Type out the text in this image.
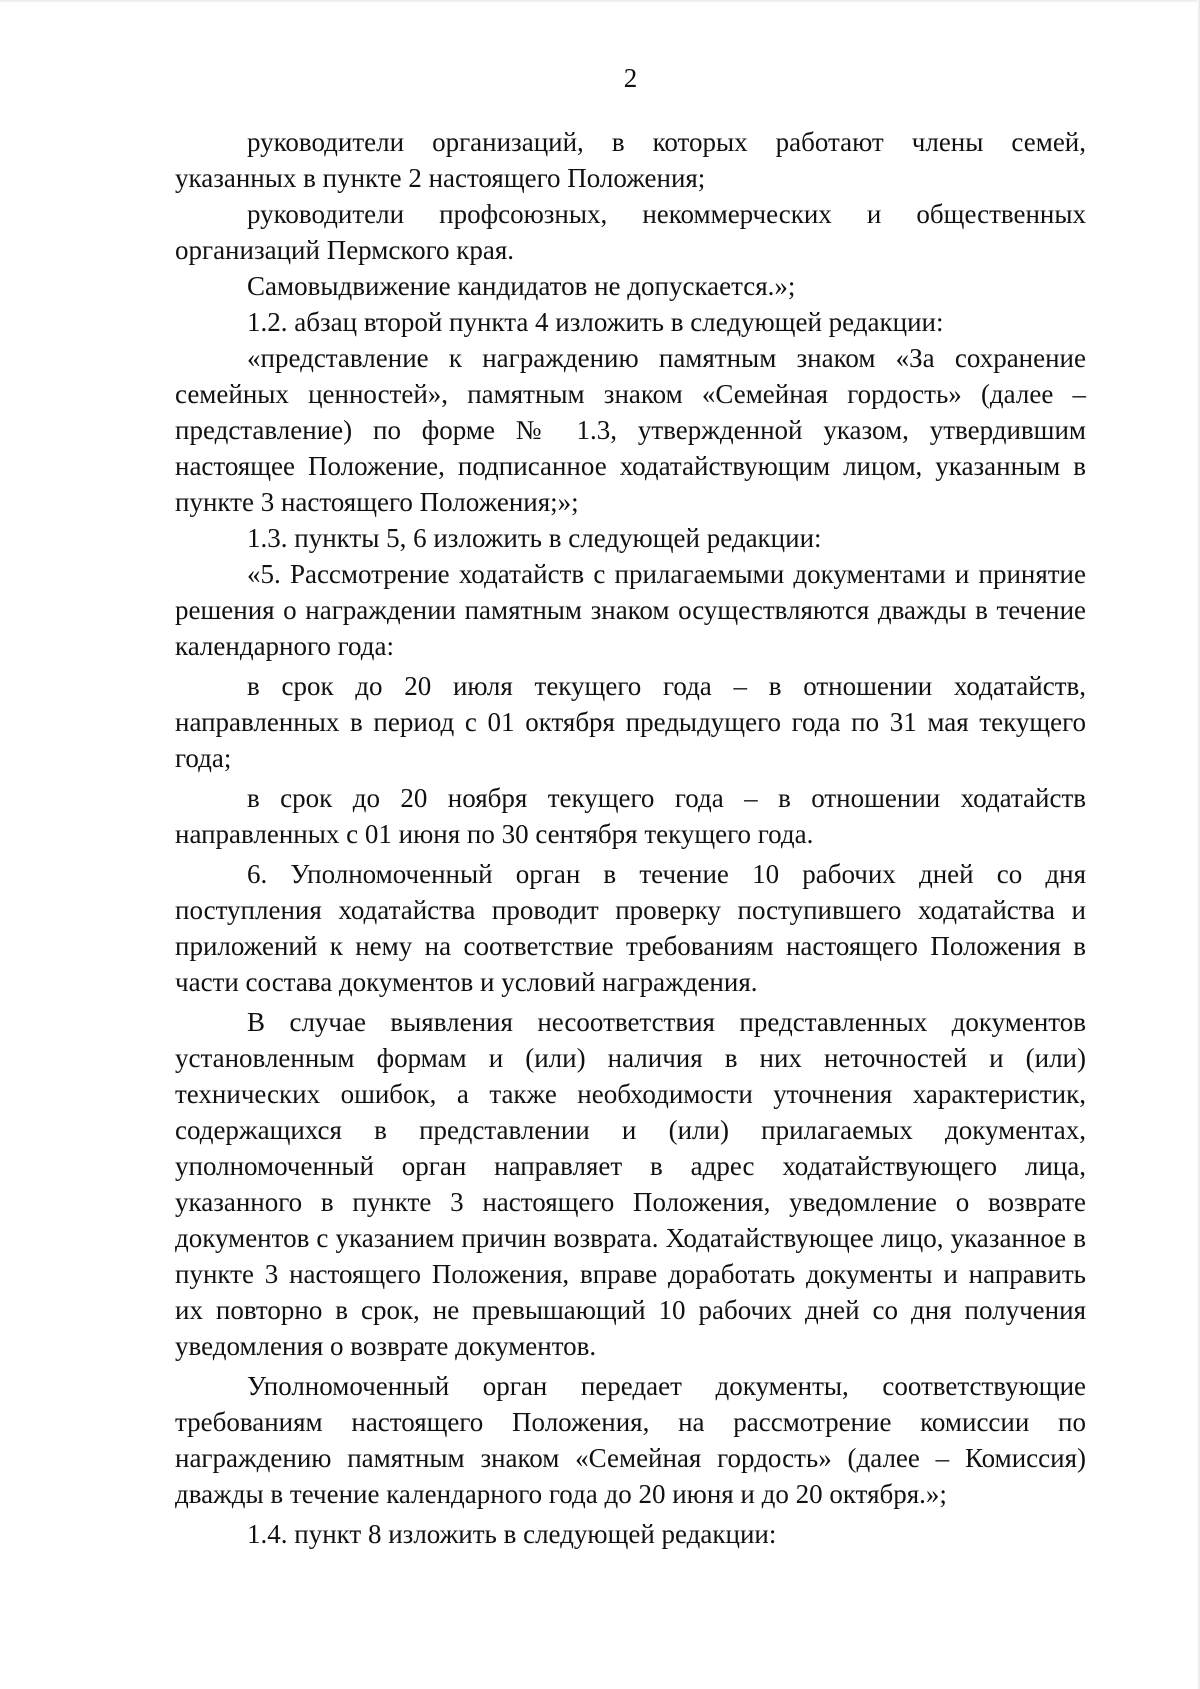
2

руководители организаций, в которых работают члены семей, указанных в пункте 2 настоящего Положения;

руководители профсоюзных, некоммерческих и общественных организаций Пермского края.

Самовыдвижение кандидатов не допускается.»;

1.2. абзац второй пункта 4 изложить в следующей редакции:

«представление к награждению памятным знаком «За сохранение семейных ценностей», памятным знаком «Семейная гордость» (далее – представление) по форме № 1.3, утвержденной указом, утвердившим настоящее Положение, подписанное ходатайствующим лицом, указанным в пункте 3 настоящего Положения;»;

1.3. пункты 5, 6 изложить в следующей редакции:

«5. Рассмотрение ходатайств с прилагаемыми документами и принятие решения о награждении памятным знаком осуществляются дважды в течение календарного года:

в срок до 20 июля текущего года – в отношении ходатайств, направленных в период с 01 октября предыдущего года по 31 мая текущего года;

в срок до 20 ноября текущего года – в отношении ходатайств направленных с 01 июня по 30 сентября текущего года.

6. Уполномоченный орган в течение 10 рабочих дней со дня поступления ходатайства проводит проверку поступившего ходатайства и приложений к нему на соответствие требованиям настоящего Положения в части состава документов и условий награждения.

В случае выявления несоответствия представленных документов установленным формам и (или) наличия в них неточностей и (или) технических ошибок, а также необходимости уточнения характеристик, содержащихся в представлении и (или) прилагаемых документах, уполномоченный орган направляет в адрес ходатайствующего лица, указанного в пункте 3 настоящего Положения, уведомление о возврате документов с указанием причин возврата. Ходатайствующее лицо, указанное в пункте 3 настоящего Положения, вправе доработать документы и направить их повторно в срок, не превышающий 10 рабочих дней со дня получения уведомления о возврате документов.

Уполномоченный орган передает документы, соответствующие требованиям настоящего Положения, на рассмотрение комиссии по награждению памятным знаком «Семейная гордость» (далее – Комиссия) дважды в течение календарного года до 20 июня и до 20 октября.»;

1.4. пункт 8 изложить в следующей редакции:
